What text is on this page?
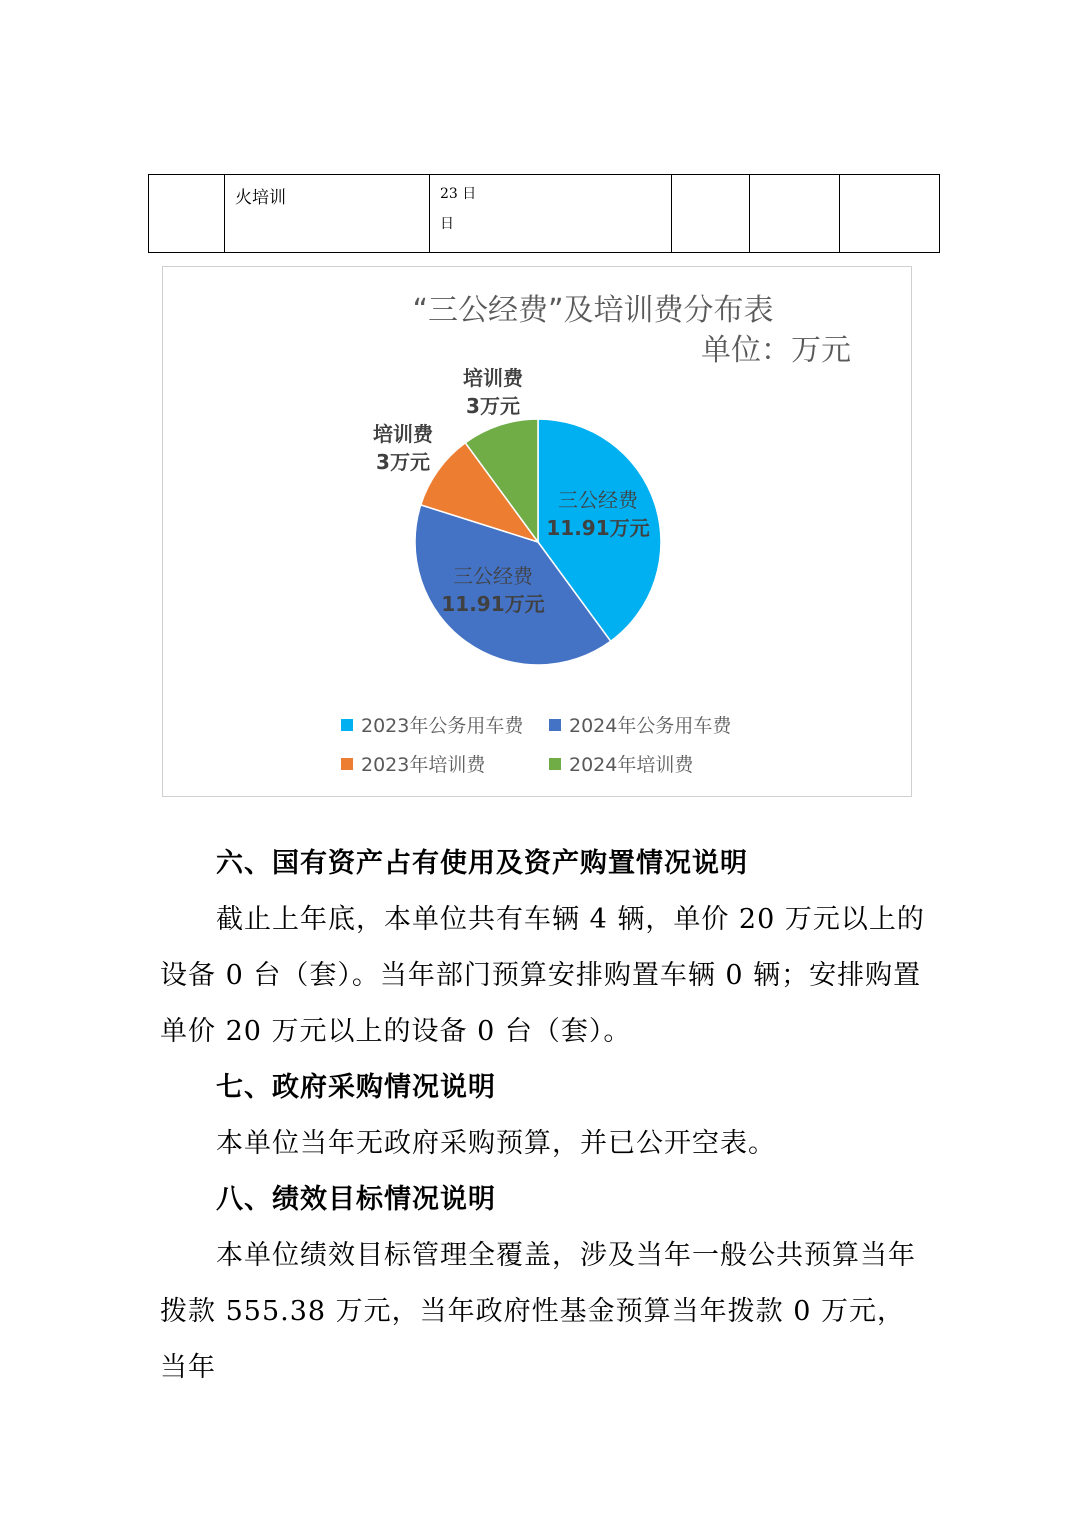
	火培训	23 日
日

“三公经费”及培训费分布表
单位：万元
三公经费
11.91万元
三公经费
11.91万元
培训费
3万元
培训费
3万元
2023年公务用车费 2024年公务用车费
2023年培训费	2024年培训费

六、国有资产占有使用及资产购置情况说明

截止上年底，本单位共有车辆 4 辆，单价 20 万元以上的设备 0 台（套）。当年部门预算安排购置车辆 0 辆；安排购置单价 20 万元以上的设备 0 台（套）。

七、政府采购情况说明

本单位当年无政府采购预算，并已公开空表。

八、绩效目标情况说明

本单位绩效目标管理全覆盖，涉及当年一般公共预算当年拨款 555.38 万元，当年政府性基金预算当年拨款 0 万元，当年
